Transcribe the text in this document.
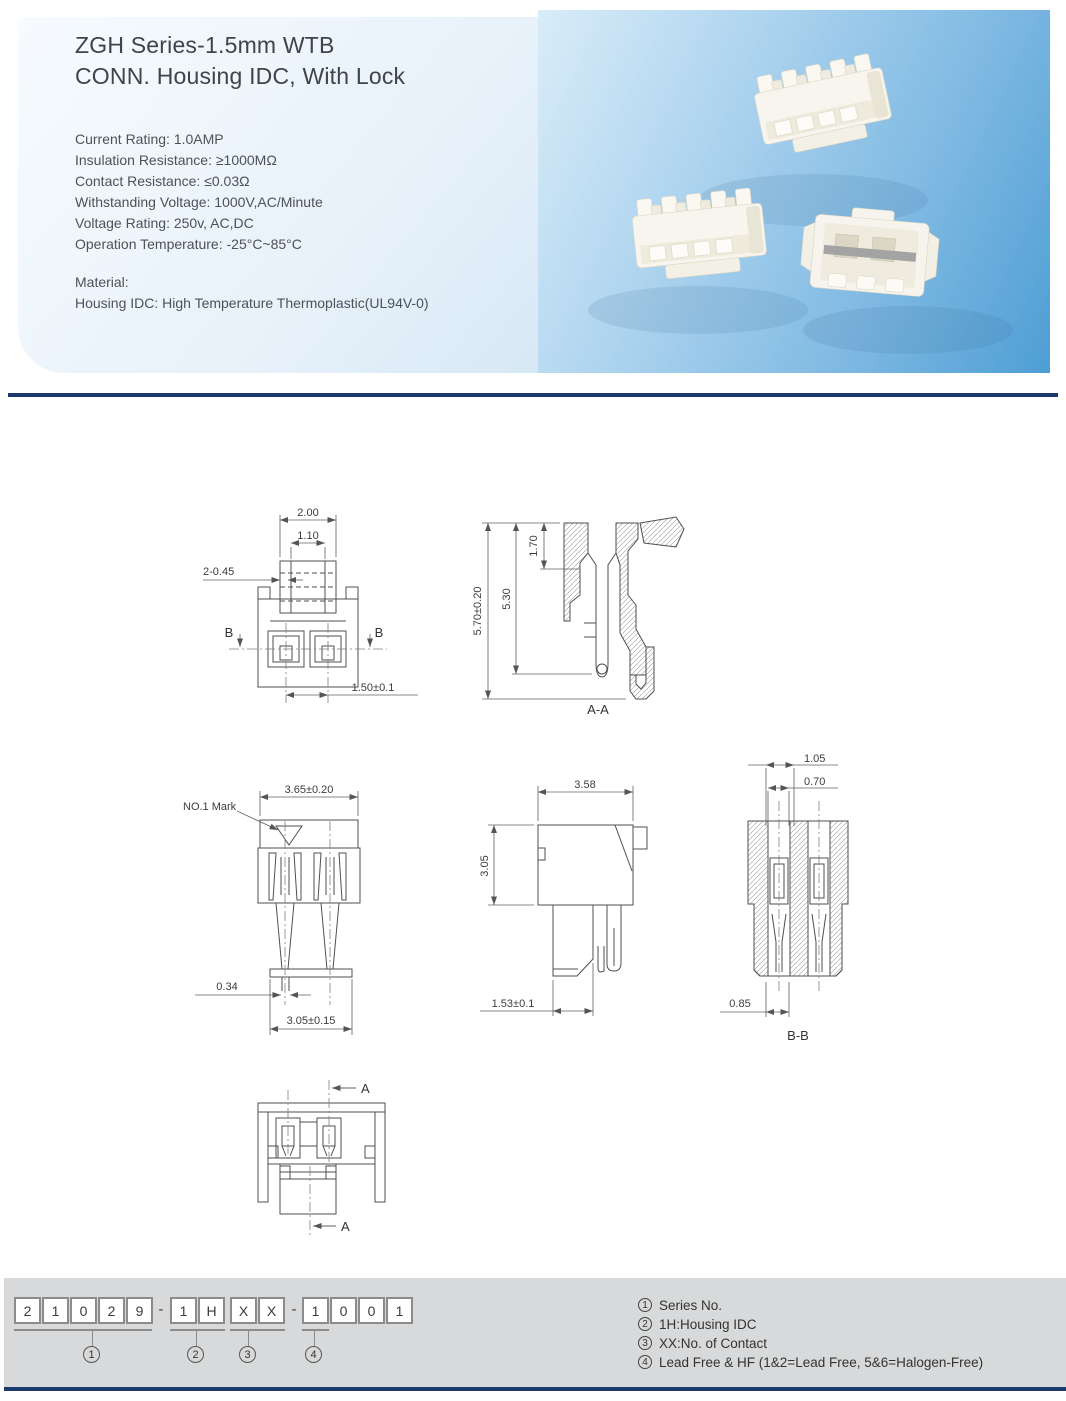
ZGH Series-1.5mm WTB
CONN. Housing IDC, With Lock
Current Rating: 1.0AMP
Insulation Resistance: ≥1000MΩ
Contact Resistance: ≤0.03Ω
Withstanding Voltage: 1000V,AC/Minute
Voltage Rating: 250v, AC,DC
Operation Temperature: -25°C~85°C
Material:
Housing IDC: High Temperature Thermoplastic(UL94V-0)
2.00
1.10
2-0.45
1.50±0.1
B	B	5.70±0.20 5.30
1.70
A-A
3.65±0.20
NO.1 Mark
0.34
3.05±0.15
3.58
3.05
1.53±0.1
1.05
0.70
0.85
B-B
A
A
2	1	0	2	9	-	1	H	X	X	-	1	0	0	1
1	2	3	4
1 Series No.
2 1H:Housing IDC
3 XX:No. of Contact
4 Lead Free & HF (1&2=Lead Free, 5&6=Halogen-Free)
